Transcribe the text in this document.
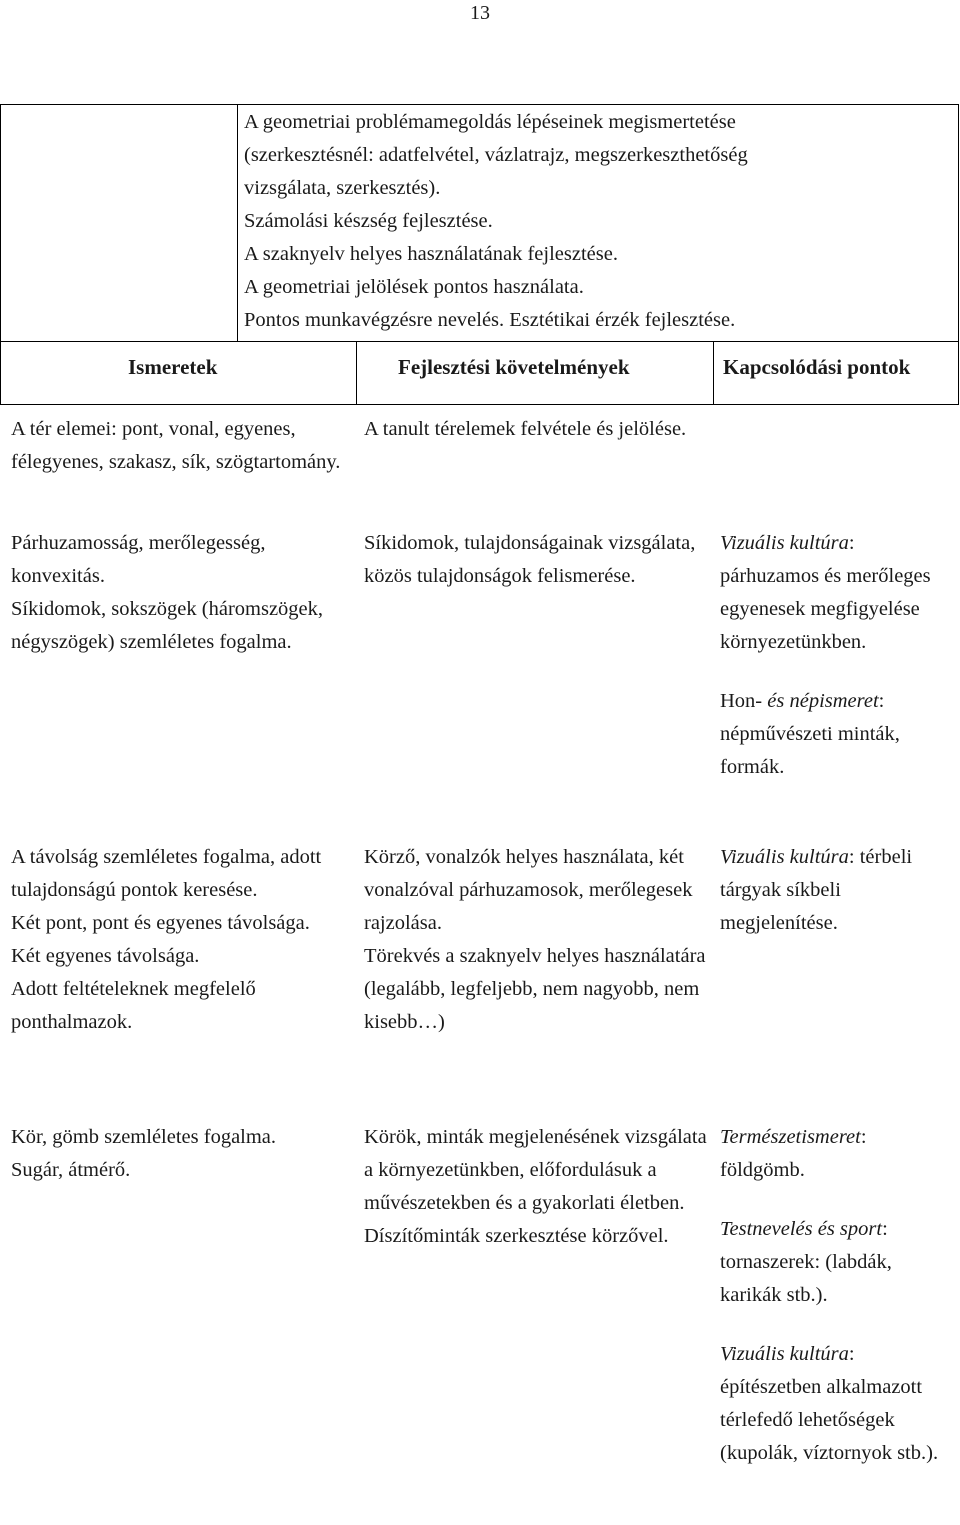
13
A geometriai problémamegoldás lépéseinek megismertetése
(szerkesztésnél: adatfelvétel, vázlatrajz, megszerkeszthetőség
vizsgálata, szerkesztés).
Számolási készség fejlesztése.
A szaknyelv helyes használatának fejlesztése.
A geometriai jelölések pontos használata.
Pontos munkavégzésre nevelés. Esztétikai érzék fejlesztése.
Ismeretek	Fejlesztési követelmények	Kapcsolódási pontok

A tér elemei: pont, vonal, egyenes, félegyenes, szakasz, sík, szögtartomány.

A tanult térelemek felvétele és jelölése.

Párhuzamosság, merőlegesség, konvexitás.

Síkidomok, sokszögek (háromszögek, négyszögek) szemléletes fogalma.

Síkidomok, tulajdonságainak vizsgálata, közös tulajdonságok felismerése.

Vizuális kultúra: párhuzamos és merőleges egyenesek megfigyelése környezetünkben.

Hon- és népismeret: népművészeti minták, formák.

A távolság szemléletes fogalma, adott tulajdonságú pontok keresése.

Két pont, pont és egyenes távolsága.

Két egyenes távolsága.

Adott feltételeknek megfelelő ponthalmazok.

Körző, vonalzók helyes használata, két vonalzóval párhuzamosok, merőlegesek rajzolása.

Törekvés a szaknyelv helyes használatára (legalább, legfeljebb, nem nagyobb, nem kisebb…)

Vizuális kultúra: térbeli tárgyak síkbeli megjelenítése.

Kör, gömb szemléletes fogalma.

Sugár, átmérő.

Körök, minták megjelenésének vizsgálata a környezetünkben, előfordulásuk a művészetekben és a gyakorlati életben.

Díszítőminták szerkesztése körzővel.

Természetismeret: földgömb.

Testnevelés és sport: tornaszerek: (labdák, karikák stb.).

Vizuális kultúra: építészetben alkalmazott térlefedő lehetőségek (kupolák, víztornyok stb.).
